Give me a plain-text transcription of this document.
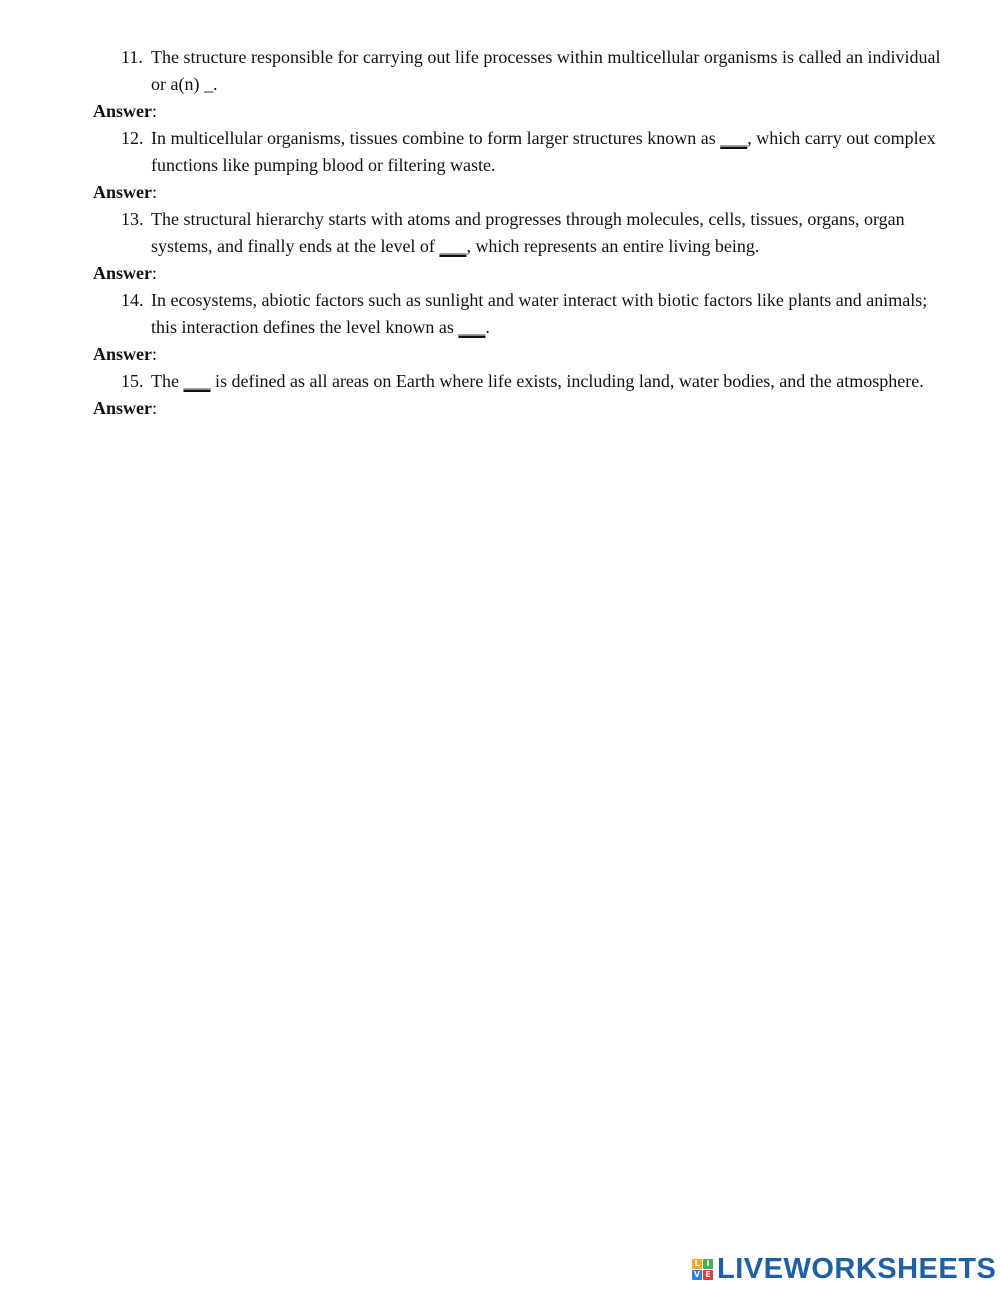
11. The structure responsible for carrying out life processes within multicellular organisms is called an individual or a(n) _.
Answer:
12. In multicellular organisms, tissues combine to form larger structures known as ___, which carry out complex functions like pumping blood or filtering waste.
Answer:
13. The structural hierarchy starts with atoms and progresses through molecules, cells, tissues, organs, organ systems, and finally ends at the level of ___, which represents an entire living being.
Answer:
14. In ecosystems, abiotic factors such as sunlight and water interact with biotic factors like plants and animals; this interaction defines the level known as ___.
Answer:
15. The ___ is defined as all areas on Earth where life exists, including land, water bodies, and the atmosphere.
Answer:
L I
V E LIVEWORKSHEETS
